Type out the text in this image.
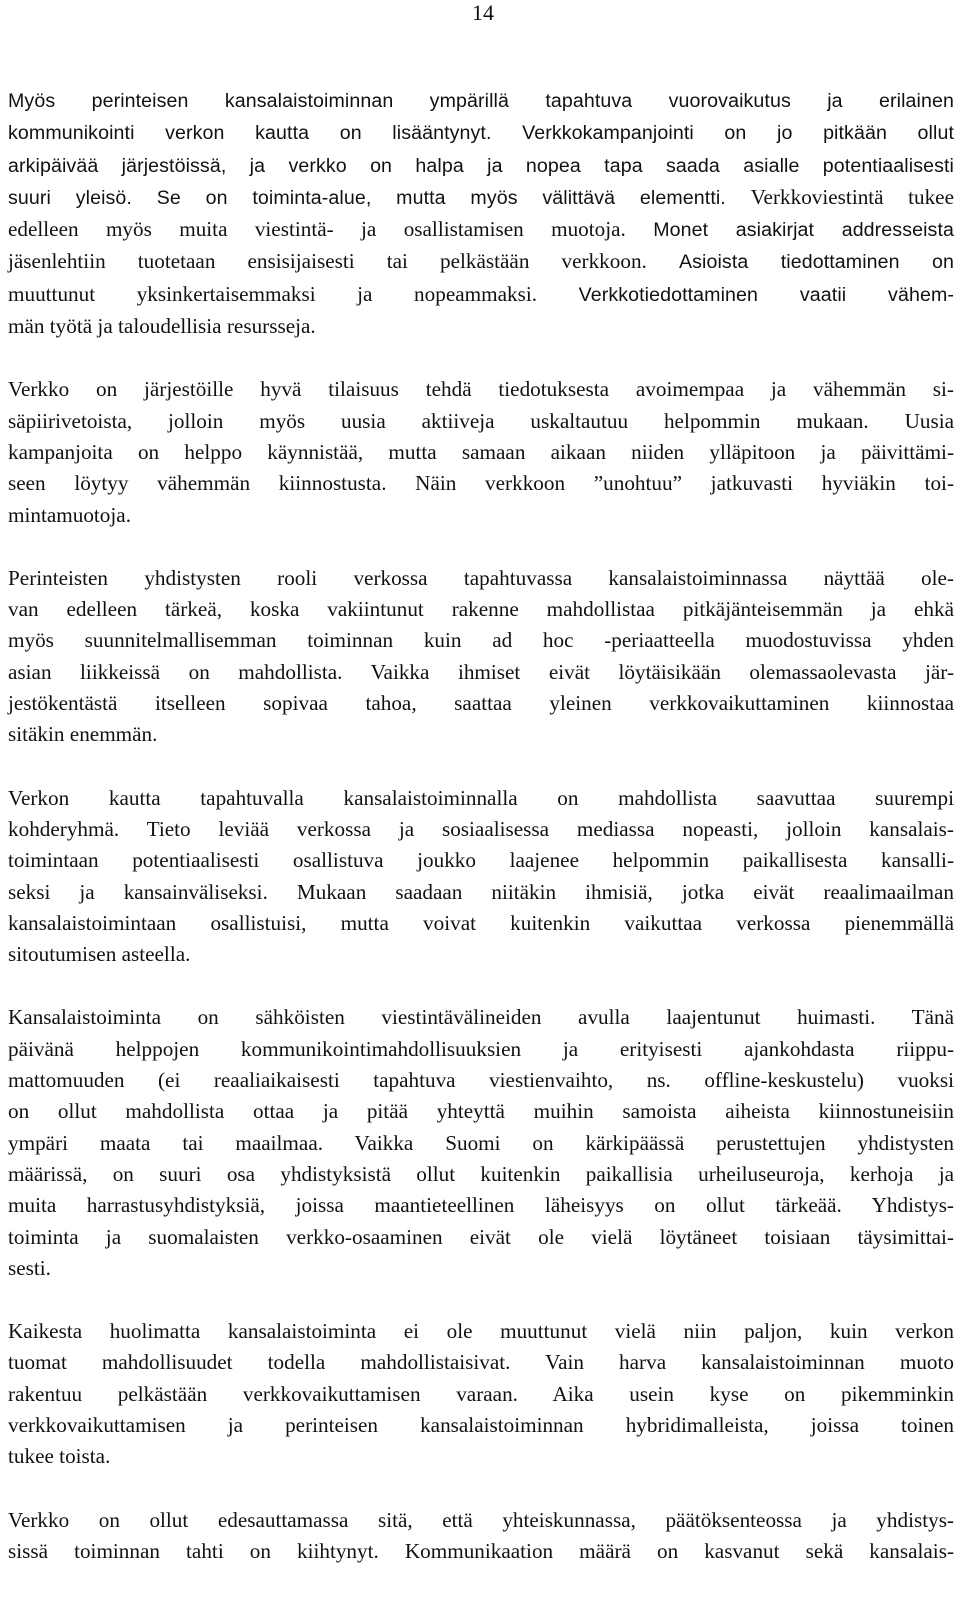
14
Myös perinteisen kansalaistoiminnan ympärillä tapahtuva vuorovaikutus ja erilainen
kommunikointi verkon kautta on lisääntynyt. Verkkokampanjointi on jo pitkään ollut
arkipäivää järjestöissä, ja verkko on halpa ja nopea tapa saada asialle potentiaalisesti
suuri yleisö. Se on toiminta-alue, mutta myös välittävä elementti. Verkkoviestintä tukee
edelleen myös muita viestintä- ja osallistamisen muotoja. Monet asiakirjat addresseista
jäsenlehtiin tuotetaan ensisijaisesti tai pelkästään verkkoon. Asioista tiedottaminen on
muuttunut yksinkertaisemmaksi ja nopeammaksi. Verkkotiedottaminen vaatii vähem-
män työtä ja taloudellisia resursseja.
Verkko on järjestöille hyvä tilaisuus tehdä tiedotuksesta avoimempaa ja vähemmän si-
säpiirivetoista, jolloin myös uusia aktiiveja uskaltautuu helpommin mukaan. Uusia
kampanjoita on helppo käynnistää, mutta samaan aikaan niiden ylläpitoon ja päivittämi-
seen löytyy vähemmän kiinnostusta. Näin verkkoon ”unohtuu” jatkuvasti hyviäkin toi-
mintamuotoja.
Perinteisten yhdistysten rooli verkossa tapahtuvassa kansalaistoiminnassa näyttää ole-
van edelleen tärkeä, koska vakiintunut rakenne mahdollistaa pitkäjänteisemmän ja ehkä
myös suunnitelmallisemman toiminnan kuin ad hoc -periaatteella muodostuvissa yhden
asian liikkeissä on mahdollista. Vaikka ihmiset eivät löytäisikään olemassaolevasta jär-
jestökentästä itselleen sopivaa tahoa, saattaa yleinen verkkovaikuttaminen kiinnostaa
sitäkin enemmän.
Verkon kautta tapahtuvalla kansalaistoiminnalla on mahdollista saavuttaa suurempi
kohderyhmä. Tieto leviää verkossa ja sosiaalisessa mediassa nopeasti, jolloin kansalais-
toimintaan potentiaalisesti osallistuva joukko laajenee helpommin paikallisesta kansalli-
seksi ja kansainväliseksi. Mukaan saadaan niitäkin ihmisiä, jotka eivät reaalimaailman
kansalaistoimintaan osallistuisi, mutta voivat kuitenkin vaikuttaa verkossa pienemmällä
sitoutumisen asteella.
Kansalaistoiminta on sähköisten viestintävälineiden avulla laajentunut huimasti. Tänä
päivänä helppojen kommunikointimahdollisuuksien ja erityisesti ajankohdasta riippu-
mattomuuden (ei reaaliaikaisesti tapahtuva viestienvaihto, ns. offline-keskustelu) vuoksi
on ollut mahdollista ottaa ja pitää yhteyttä muihin samoista aiheista kiinnostuneisiin
ympäri maata tai maailmaa. Vaikka Suomi on kärkipäässä perustettujen yhdistysten
määrissä, on suuri osa yhdistyksistä ollut kuitenkin paikallisia urheiluseuroja, kerhoja ja
muita harrastusyhdistyksiä, joissa maantieteellinen läheisyys on ollut tärkeää. Yhdistys-
toiminta ja suomalaisten verkko-osaaminen eivät ole vielä löytäneet toisiaan täysimittai-
sesti.
Kaikesta huolimatta kansalaistoiminta ei ole muuttunut vielä niin paljon, kuin verkon
tuomat mahdollisuudet todella mahdollistaisivat. Vain harva kansalaistoiminnan muoto
rakentuu pelkästään verkkovaikuttamisen varaan. Aika usein kyse on pikemminkin
verkkovaikuttamisen ja perinteisen kansalaistoiminnan hybridimalleista, joissa toinen
tukee toista.
Verkko on ollut edesauttamassa sitä, että yhteiskunnassa, päätöksenteossa ja yhdistys-
sissä toiminnan tahti on kiihtynyt. Kommunikaation määrä on kasvanut sekä kansalais-
